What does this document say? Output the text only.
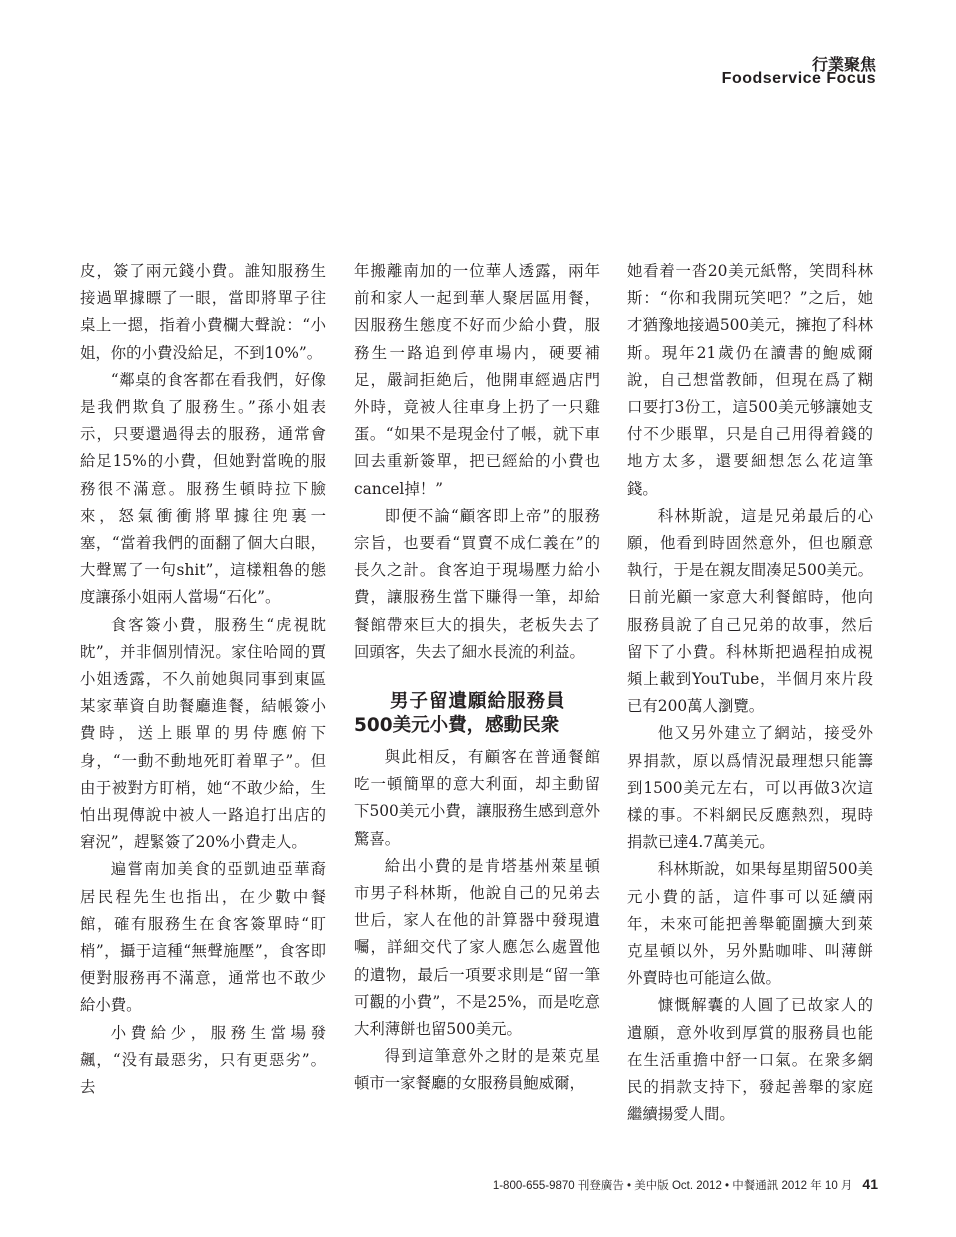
行業聚焦
Foodservice Focus

皮，簽了兩元錢小費。誰知服務生接過單據瞟了一眼，當即將單子往桌上一摁，指着小費欄大聲說：“小姐，你的小費没給足，不到10%”。

“鄰桌的食客都在看我們，好像是我們欺負了服務生。”孫小姐表示，只要還過得去的服務，通常會給足15%的小費，但她對當晚的服務很不滿意。服務生頓時拉下臉來，怒氣衝衝將單據往兜裏一塞，“當着我們的面翻了個大白眼，大聲罵了一句shit”，這樣粗魯的態度讓孫小姐兩人當場“石化”。

食客簽小費，服務生“虎視眈眈”，并非個別情況。家住哈岡的賈小姐透露，不久前她與同事到東區某家華資自助餐廳進餐，結帳簽小費時，送上賬單的男侍應俯下身，“一動不動地死盯着單子”。但由于被對方盯梢，她“不敢少給，生怕出現傳說中被人一路追打出店的窘況”，趕緊簽了20%小費走人。

遍嘗南加美食的亞凱迪亞華裔居民程先生也指出，在少數中餐館，確有服務生在食客簽單時“盯梢”，攝于這種“無聲施壓”，食客即便對服務再不滿意，通常也不敢少給小費。

小費給少，服務生當場發飆，“没有最惡劣，只有更惡劣”。去

年搬離南加的一位華人透露，兩年前和家人一起到華人聚居區用餐，因服務生態度不好而少給小費，服務生一路追到停車場内，硬要補足，嚴詞拒絶后，他開車經過店門外時，竟被人往車身上扔了一只雞蛋。“如果不是現金付了帳，就下車回去重新簽單，把已經給的小費也cancel掉！”

即便不論“顧客即上帝”的服務宗旨，也要看“買賣不成仁義在”的長久之計。食客迫于現場壓力給小費，讓服務生當下賺得一筆，却給餐館帶來巨大的損失，老板失去了回頭客，失去了細水長流的利益。

男子留遺願給服務員
500美元小費，感動民衆

與此相反，有顧客在普通餐館吃一頓簡單的意大利面，却主動留下500美元小費，讓服務生感到意外驚喜。

給出小費的是肯塔基州萊星頓市男子科林斯，他說自己的兄弟去世后，家人在他的計算器中發現遺囑，詳細交代了家人應怎么處置他的遺物，最后一項要求則是“留一筆可觀的小費”，不是25%，而是吃意大利薄餅也留500美元。

得到這筆意外之財的是萊克星頓市一家餐廳的女服務員鮑威爾，

她看着一沓20美元紙幣，笑問科林斯：“你和我開玩笑吧？”之后，她才猶豫地接過500美元，擁抱了科林斯。現年21歲仍在讀書的鮑威爾說，自己想當教師，但現在爲了糊口要打3份工，這500美元够讓她支付不少賬單，只是自己用得着錢的地方太多，還要細想怎么花這筆錢。

科林斯說，這是兄弟最后的心願，他看到時固然意外，但也願意執行，于是在親友間凑足500美元。日前光顧一家意大利餐館時，他向服務員說了自己兄弟的故事，然后留下了小費。科林斯把過程拍成視頻上載到YouTube，半個月來片段已有200萬人瀏覽。

他又另外建立了網站，接受外界捐款，原以爲情況最理想只能籌到1500美元左右，可以再做3次這樣的事。不料網民反應熱烈，現時捐款已達4.7萬美元。

科林斯說，如果每星期留500美元小費的話，這件事可以延續兩年，未來可能把善舉範圍擴大到萊克星頓以外，另外點咖啡、叫薄餅外賣時也可能這么做。

慷慨解囊的人圓了已故家人的遺願，意外收到厚賞的服務員也能在生活重擔中舒一口氣。在衆多網民的捐款支持下，發起善舉的家庭繼續揚愛人間。

1-800-655-9870 刊登廣告 • 美中版 Oct. 2012 • 中餐通訊 2012 年 10 月 41
